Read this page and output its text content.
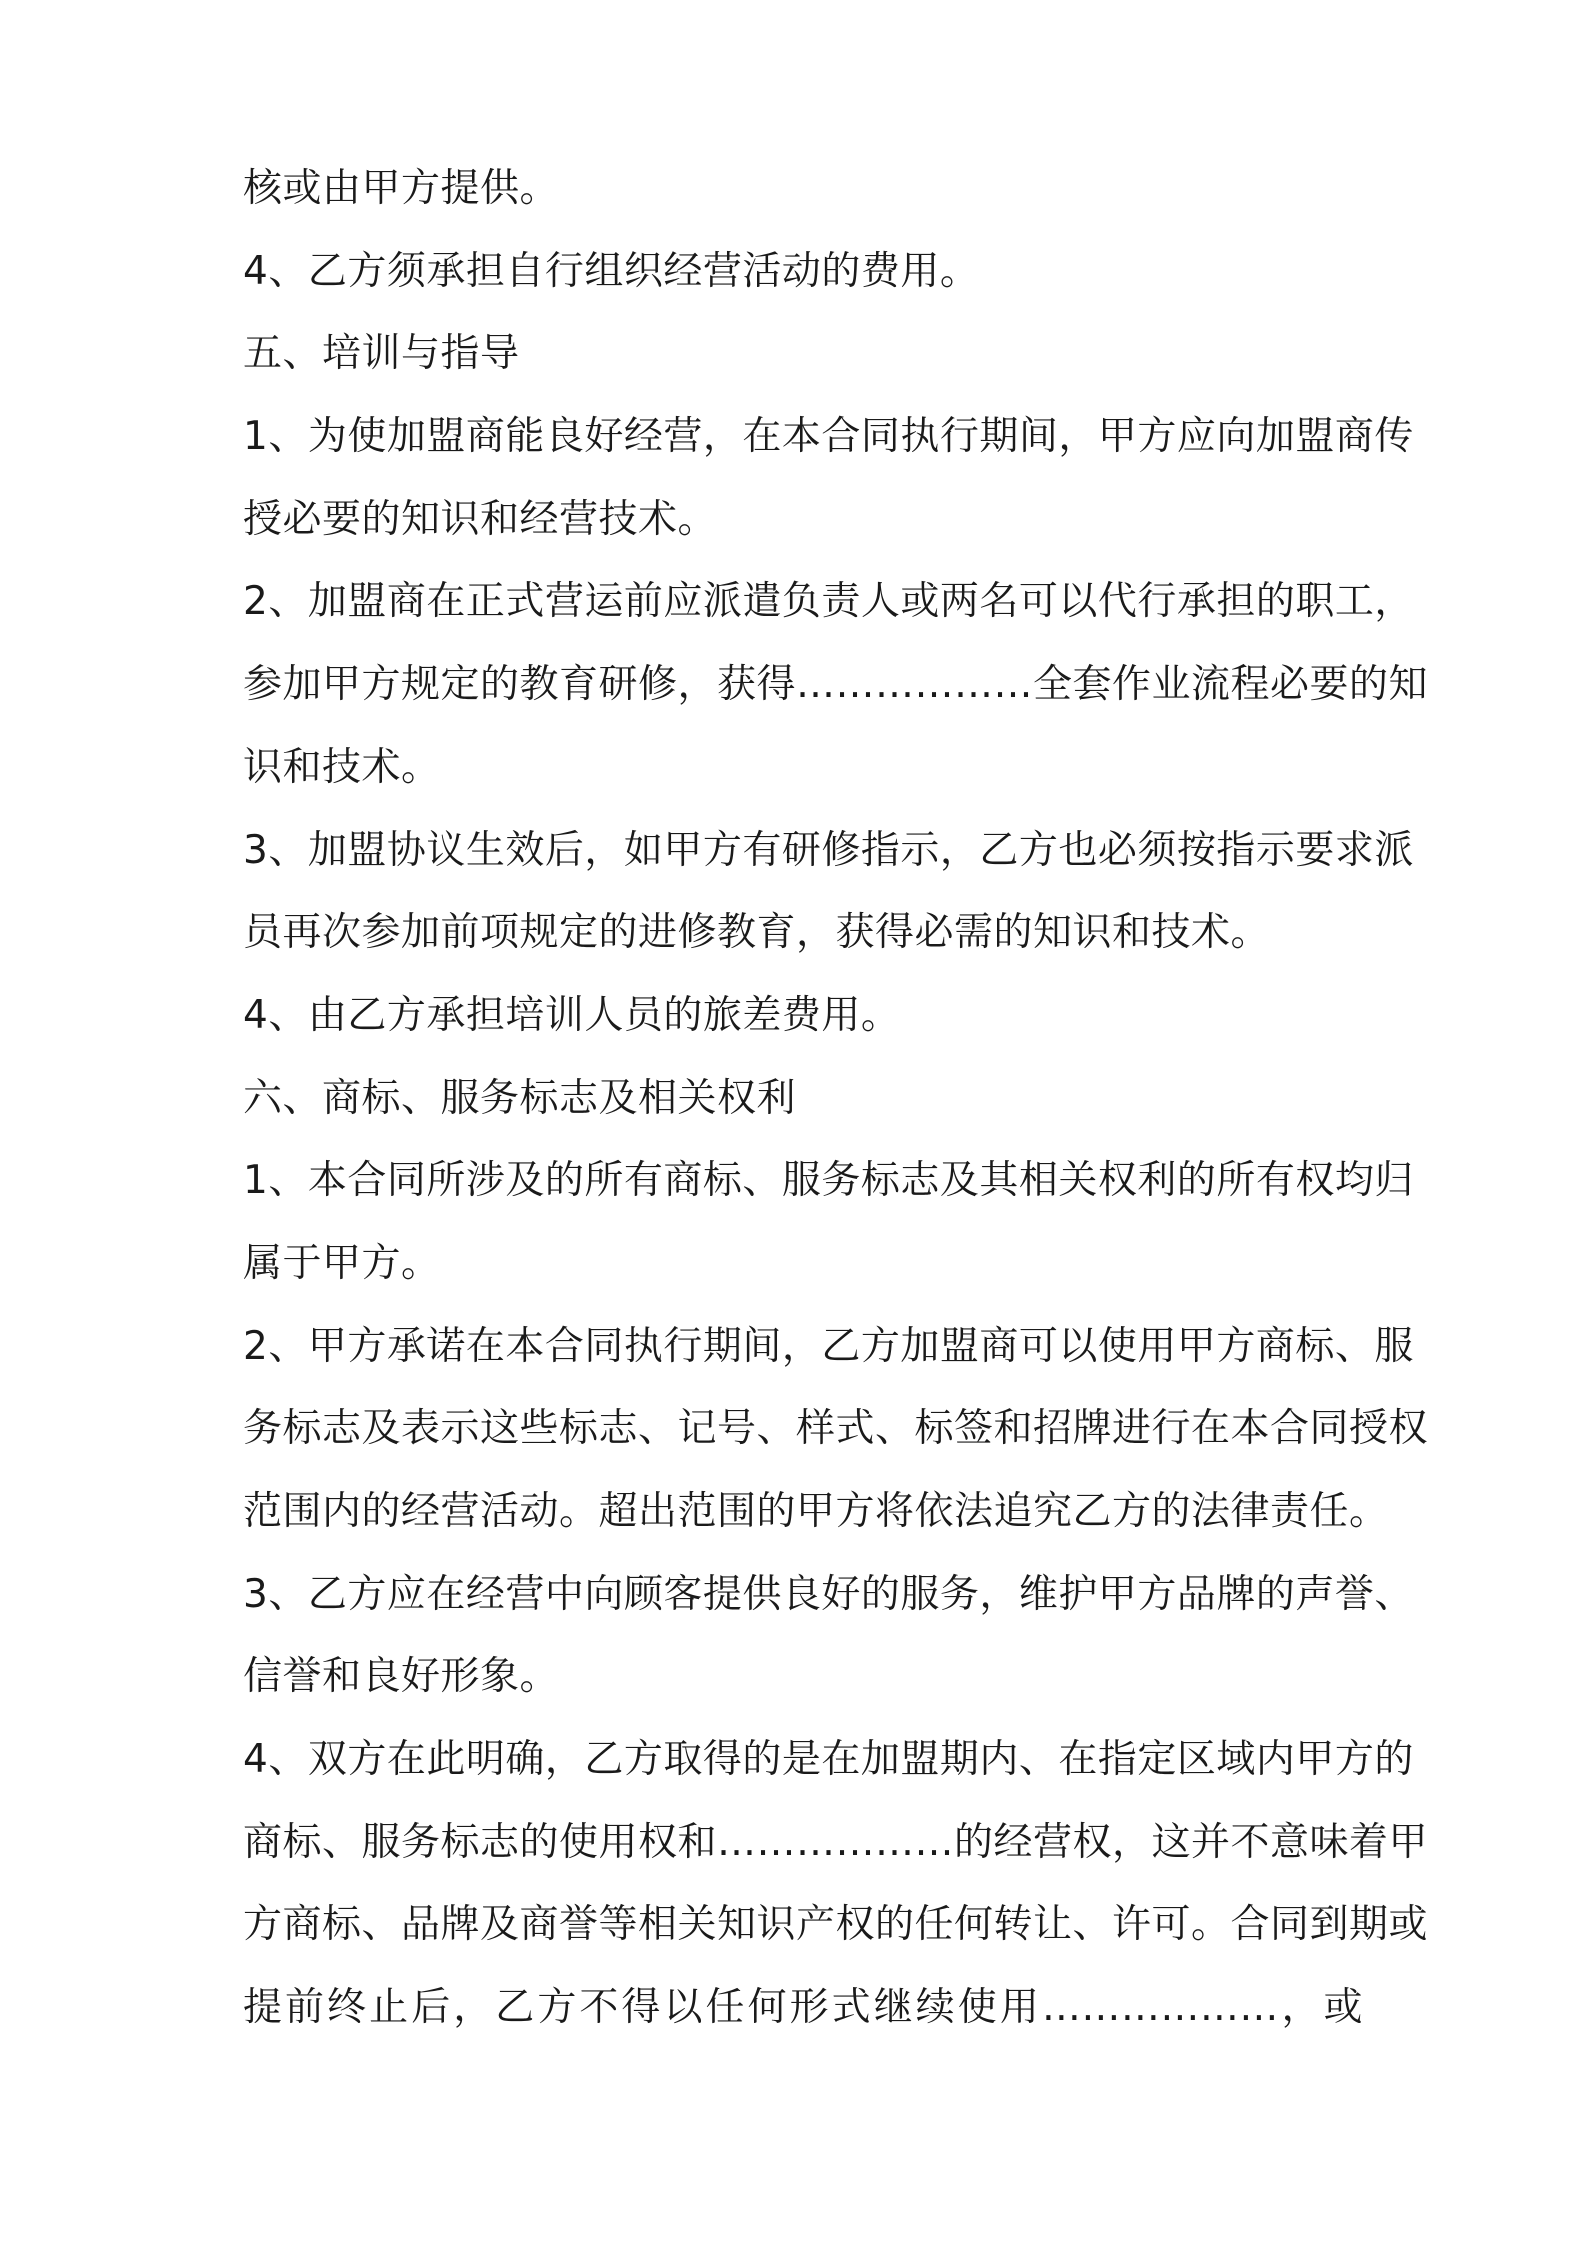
核或由甲方提供。
4、乙方须承担自行组织经营活动的费用。
五、培训与指导
1、为使加盟商能良好经营，在本合同执行期间，甲方应向加盟商传
授必要的知识和经营技术。
2、加盟商在正式营运前应派遣负责人或两名可以代行承担的职工，
参加甲方规定的教育研修，获得………………全套作业流程必要的知
识和技术。
3、加盟协议生效后，如甲方有研修指示，乙方也必须按指示要求派
员再次参加前项规定的进修教育，获得必需的知识和技术。
4、由乙方承担培训人员的旅差费用。
六、商标、服务标志及相关权利
1、本合同所涉及的所有商标、服务标志及其相关权利的所有权均归
属于甲方。
2、甲方承诺在本合同执行期间，乙方加盟商可以使用甲方商标、服
务标志及表示这些标志、记号、样式、标签和招牌进行在本合同授权
范围内的经营活动。超出范围的甲方将依法追究乙方的法律责任。
3、乙方应在经营中向顾客提供良好的服务，维护甲方品牌的声誉、
信誉和良好形象。
4、双方在此明确，乙方取得的是在加盟期内、在指定区域内甲方的
商标、服务标志的使用权和………………的经营权，这并不意味着甲
方商标、品牌及商誉等相关知识产权的任何转让、许可。合同到期或
提前终止后，乙方不得以任何形式继续使用………………，或
